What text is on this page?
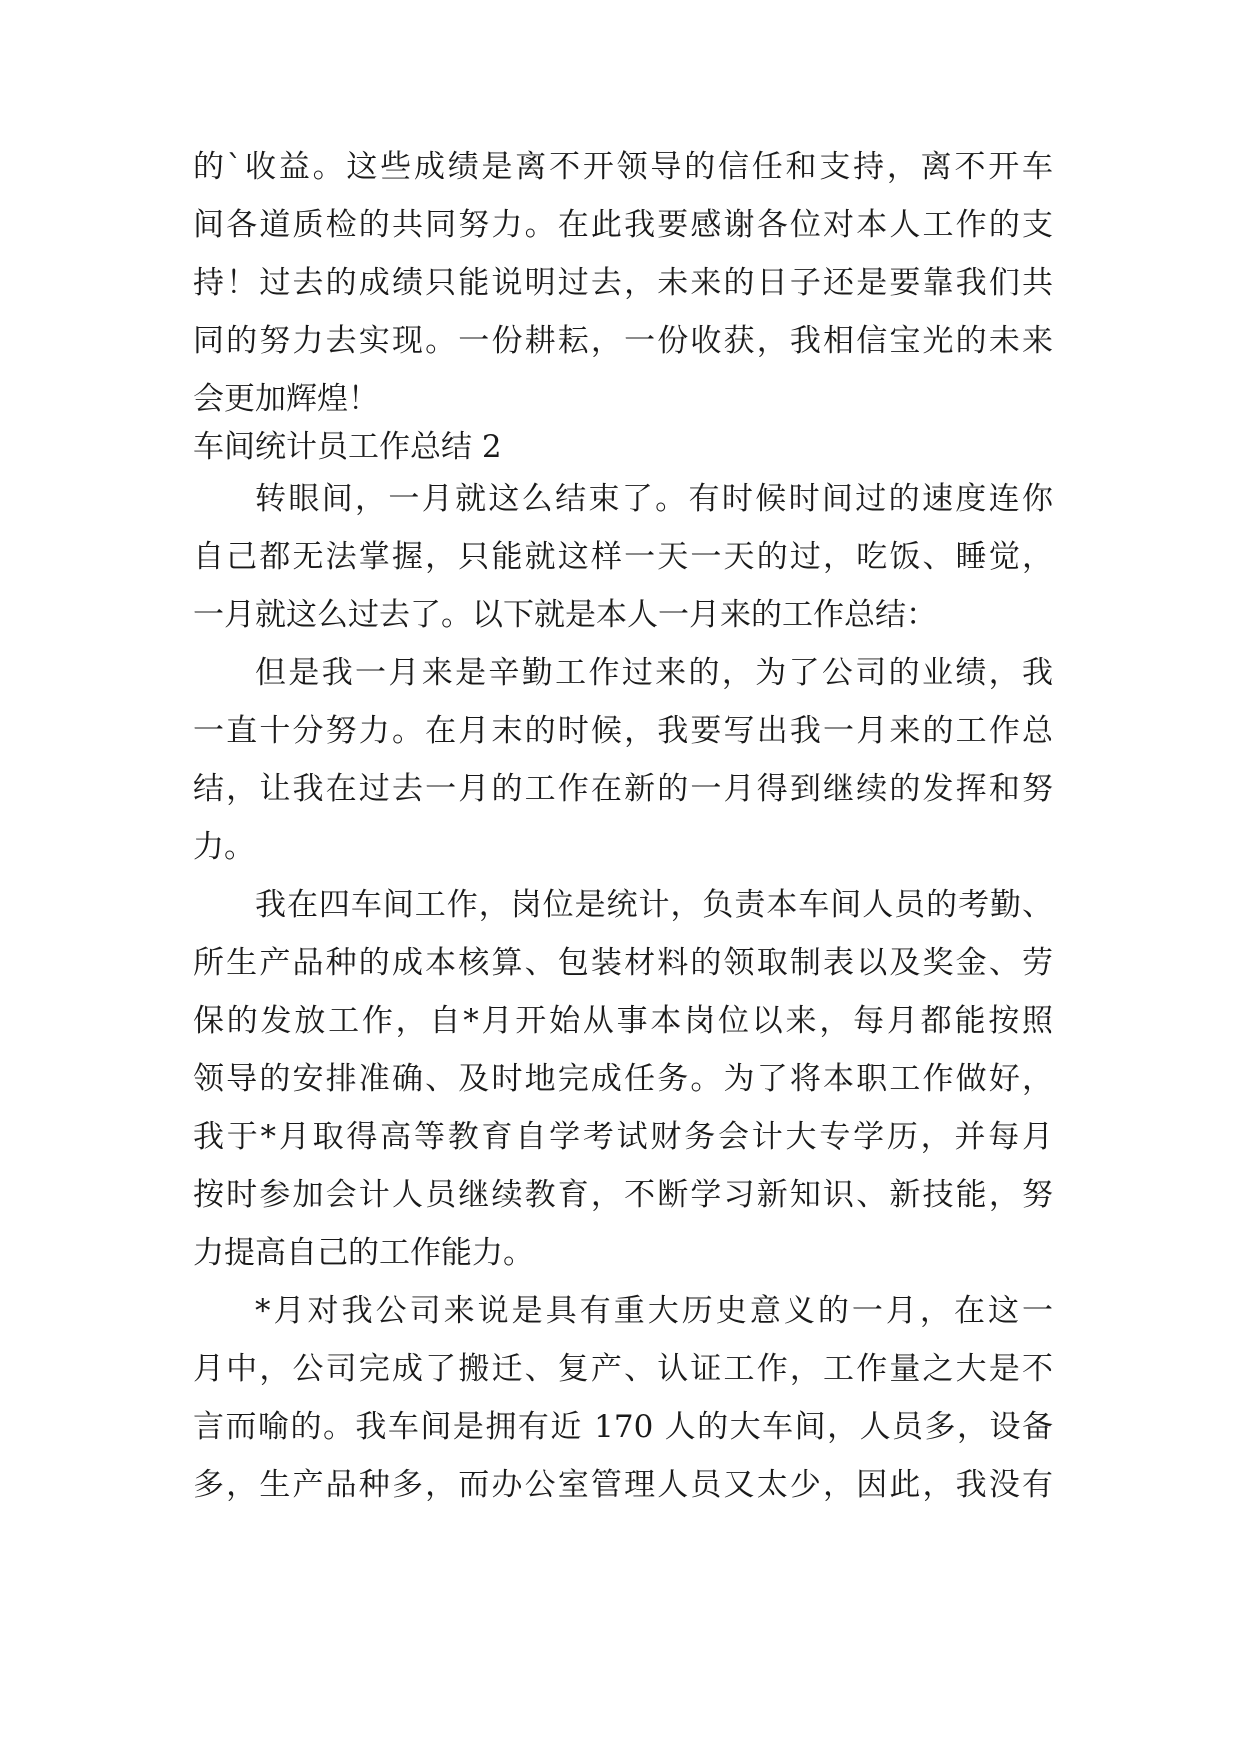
的`收益。这些成绩是离不开领导的信任和支持，离不开车
间各道质检的共同努力。在此我要感谢各位对本人工作的支
持！过去的成绩只能说明过去，未来的日子还是要靠我们共
同的努力去实现。一份耕耘，一份收获，我相信宝光的未来
会更加辉煌！
车间统计员工作总结 2
转眼间，一月就这么结束了。有时候时间过的速度连你
自己都无法掌握，只能就这样一天一天的过，吃饭、睡觉，
一月就这么过去了。以下就是本人一月来的工作总结：
但是我一月来是辛勤工作过来的，为了公司的业绩，我
一直十分努力。在月末的时候，我要写出我一月来的工作总
结，让我在过去一月的工作在新的一月得到继续的发挥和努
力。
我在四车间工作，岗位是统计，负责本车间人员的考勤、
所生产品种的成本核算、包装材料的领取制表以及奖金、劳
保的发放工作，自*月开始从事本岗位以来，每月都能按照
领导的安排准确、及时地完成任务。为了将本职工作做好，
我于*月取得高等教育自学考试财务会计大专学历，并每月
按时参加会计人员继续教育，不断学习新知识、新技能，努
力提高自己的工作能力。
*月对我公司来说是具有重大历史意义的一月，在这一
月中，公司完成了搬迁、复产、认证工作，工作量之大是不
言而喻的。我车间是拥有近 170 人的大车间，人员多，设备
多，生产品种多，而办公室管理人员又太少，因此，我没有
